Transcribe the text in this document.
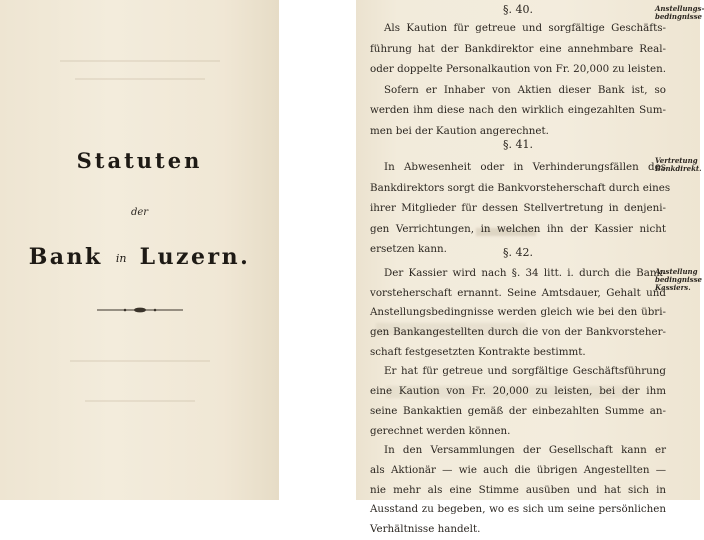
Statuten
der
Bank in Luzern.
§. 40.	Anstellungs-
bedingnisse
Als Kaution für getreue und sorgfältige Geschäfts-
führung hat der Bankdirektor eine annehmbare Real-
oder doppelte Personalkaution von Fr. 20,000 zu leisten.
Sofern er Inhaber von Aktien dieser Bank ist, so
werden ihm diese nach den wirklich eingezahlten Sum-
men bei der Kaution angerechnet.
§. 41.
Vertretung
Bankdirekt.
In Abwesenheit oder in Verhinderungsfällen des
Bankdirektors sorgt die Bankvorsteherschaft durch eines
ihrer Mitglieder für dessen Stellvertretung in denjeni-
gen Verrichtungen, in welchen ihn der Kassier nicht
ersetzen kann.	§. 42.
Anstellung
bedingnisse
Kassiers.
Der Kassier wird nach §. 34 litt. i. durch die Bank-
vorsteherschaft ernannt. Seine Amtsdauer, Gehalt und
Anstellungsbedingnisse werden gleich wie bei den übri-
gen Bankangestellten durch die von der Bankvorsteher-
schaft festgesetzten Kontrakte bestimmt.
Er hat für getreue und sorgfältige Geschäftsführung
eine Kaution von Fr. 20,000 zu leisten, bei der ihm
seine Bankaktien gemäß der einbezahlten Summe an-
gerechnet werden können.
In den Versammlungen der Gesellschaft kann er
als Aktionär — wie auch die übrigen Angestellten —
nie mehr als eine Stimme ausüben und hat sich in
Ausstand zu begeben, wo es sich um seine persönlichen
Verhältnisse handelt.
